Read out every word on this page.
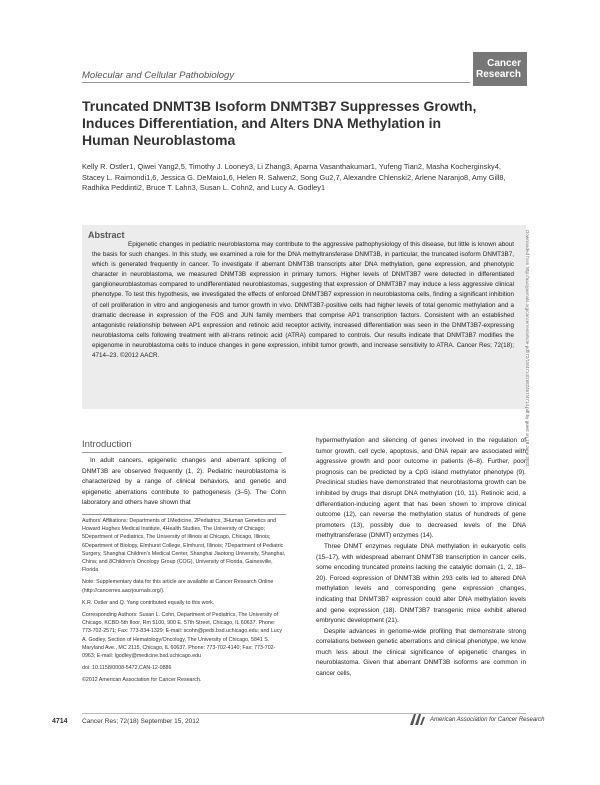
Molecular and Cellular Pathobiology
Cancer
Research
Truncated DNMT3B Isoform DNMT3B7 Suppresses Growth, Induces Differentiation, and Alters DNA Methylation in Human Neuroblastoma
Kelly R. Ostler1, Qiwei Yang2,5, Timothy J. Looney3, Li Zhang3, Aparna Vasanthakumar1, Yufeng Tian2, Masha Kocherginsky4, Stacey L. Raimondi1,6, Jessica G. DeMaio1,6, Helen R. Salwen2, Song Gu2,7, Alexandre Chlenski2, Arlene Naranjo8, Amy Gill8, Radhika Peddinti2, Bruce T. Lahn3, Susan L. Cohn2, and Lucy A. Godley1
Abstract
Epigenetic changes in pediatric neuroblastoma may contribute to the aggressive pathophysiology of this disease, but little is known about the basis for such changes. In this study, we examined a role for the DNA methyltransferase DNMT3B, in particular, the truncated isoform DNMT3B7, which is generated frequently in cancer. To investigate if aberrant DNMT3B transcripts alter DNA methylation, gene expression, and phenotypic character in neuroblastoma, we measured DNMT3B expression in primary tumors. Higher levels of DNMT3B7 were detected in differentiated ganglioneuroblastomas compared to undifferentiated neuroblastomas, suggesting that expression of DNMT3B7 may induce a less aggressive clinical phenotype. To test this hypothesis, we investigated the effects of enforced DNMT3B7 expression in neuroblastoma cells, finding a significant inhibition of cell proliferation in vitro and angiogenesis and tumor growth in vivo. DNMT3B7-positive cells had higher levels of total genomic methylation and a dramatic decrease in expression of the FOS and JUN family members that comprise AP1 transcription factors. Consistent with an established antagonistic relationship between AP1 expression and retinoic acid receptor activity, increased differentiation was seen in the DNMT3B7-expressing neuroblastoma cells following treatment with all-trans retinoic acid (ATRA) compared to controls. Our results indicate that DNMT3B7 modifies the epigenome in neuroblastoma cells to induce changes in gene expression, inhibit tumor growth, and increase sensitivity to ATRA. Cancer Res; 72(18); 4714–23. ©2012 AACR.	Downloaded from http://aacrjournals.org/cancerres/article-pdf/72/18/4714/2682467/4714.pdf by guest on 18 June 2022
Introduction
In adult cancers, epigenetic changes and aberrant splicing of DNMT3B are observed frequently (1, 2). Pediatric neuroblastoma is characterized by a range of clinical behaviors, and genetic and epigenetic aberrations contribute to pathogenesis (3–5). The Cohn laboratory and others have shown that

Authors' Affiliations: Departments of 1Medicine, 2Pediatrics, 3Human Genetics and Howard Hughes Medical Institute, 4Health Studies, The University of Chicago; 5Department of Pediatrics, The University of Illinois at Chicago, Chicago, Illinois; 6Department of Biology, Elmhurst College, Elmhurst, Illinois; 7Department of Pediatric Surgery, Shanghai Children's Medical Center, Shanghai Jiaotong University, Shanghai, China; and 8Children's Oncology Group (COG), University of Florida, Gainesville, Florida

Note: Supplementary data for this article are available at Cancer Research Online (http://cancerres.aacrjournals.org/).

K.R. Ostler and Q. Yang contributed equally to this work.

Corresponding Authors: Susan L. Cohn, Department of Pediatrics, The University of Chicago, KCBD-5th floor, Rm 5100, 900 E. 57th Street, Chicago, IL 60637. Phone: 773-702-2571; Fax: 773-834-1329; E-mail: scohn@peds.bsd.uchicago.edu; and Lucy A. Godley, Section of Hematology/Oncology, The University of Chicago, 5841 S. Maryland Ave., MC 2115, Chicago, IL 60637. Phone: 773-702-4140; Fax: 773-702-0963; E-mail: lgodley@medicine.bsd.uchicago.edu

doi: 10.1158/0008-5472.CAN-12-0886

©2012 American Association for Cancer Research.

hypermethylation and silencing of genes involved in the regulation of tumor growth, cell cycle, apoptosis, and DNA repair are associated with aggressive growth and poor outcome in patients (6–8). Further, poor prognosis can be predicted by a CpG island methylator phenotype (9). Preclinical studies have demonstrated that neuroblastoma growth can be inhibited by drugs that disrupt DNA methylation (10, 11). Retinoic acid, a differentiation-inducing agent that has been shown to improve clinical outcome (12), can reverse the methylation status of hundreds of gene promoters (13), possibly due to decreased levels of the DNA methyltransferase (DNMT) enzymes (14).

Three DNMT enzymes regulate DNA methylation in eukaryotic cells (15–17), with widespread aberrant DNMT3B transcription in cancer cells, some encoding truncated proteins lacking the catalytic domain (1, 2, 18–20). Forced expression of DNMT3B within 293 cells led to altered DNA methylation levels and corresponding gene expression changes, indicating that DNMT3B7 expression could alter DNA methylation levels and gene expression (18). DNMT3B7 transgenic mice exhibit altered embryonic development (21).

Despite advances in genome-wide profiling that demonstrate strong correlations between genetic aberrations and clinical phenotype, we know much less about the clinical significance of epigenetic changes in neuroblastoma. Given that aberrant DNMT3B isoforms are common in cancer cells,

4714 Cancer Res; 72(18) September 15, 2012	American Association for Cancer Research
